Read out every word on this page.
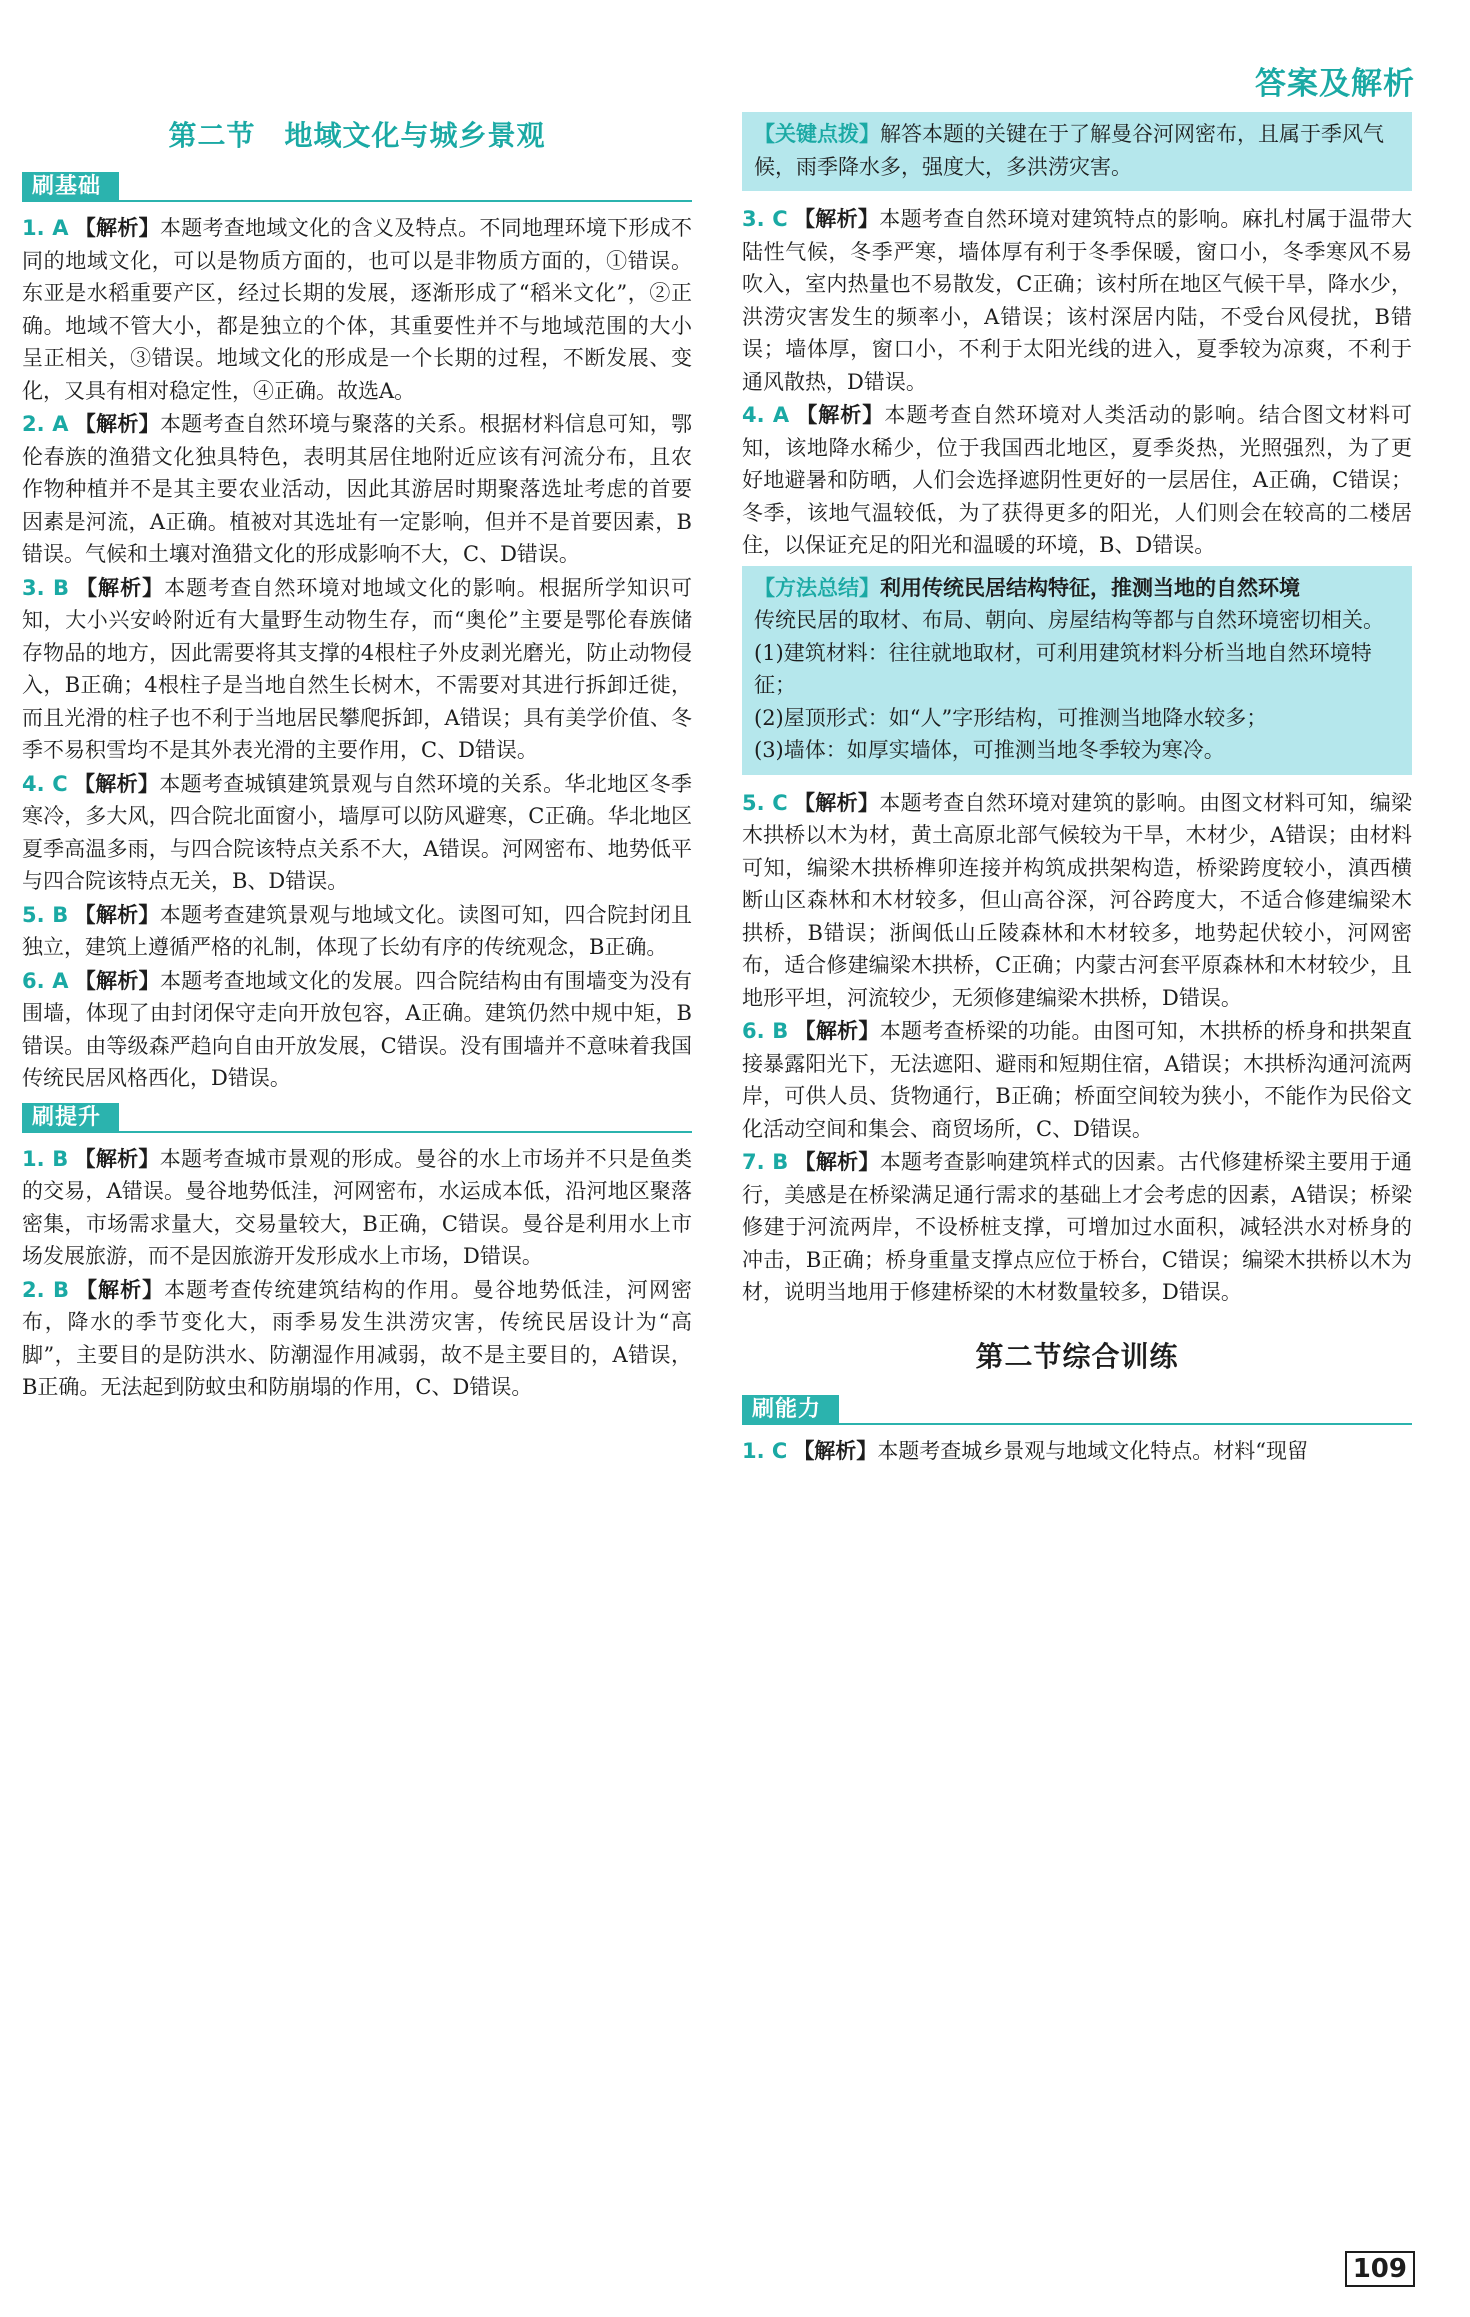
答案及解析
第二节　地域文化与城乡景观
刷基础

1. A 【解析】本题考查地域文化的含义及特点。不同地理环境下形成不同的地域文化，可以是物质方面的，也可以是非物质方面的，①错误。东亚是水稻重要产区，经过长期的发展，逐渐形成了“稻米文化”，②正确。地域不管大小，都是独立的个体，其重要性并不与地域范围的大小呈正相关，③错误。地域文化的形成是一个长期的过程，不断发展、变化，又具有相对稳定性，④正确。故选A。

2. A 【解析】本题考查自然环境与聚落的关系。根据材料信息可知，鄂伦春族的渔猎文化独具特色，表明其居住地附近应该有河流分布，且农作物种植并不是其主要农业活动，因此其游居时期聚落选址考虑的首要因素是河流，A正确。植被对其选址有一定影响，但并不是首要因素，B错误。气候和土壤对渔猎文化的形成影响不大，C、D错误。

3. B 【解析】本题考查自然环境对地域文化的影响。根据所学知识可知，大小兴安岭附近有大量野生动物生存，而“奥伦”主要是鄂伦春族储存物品的地方，因此需要将其支撑的4根柱子外皮剥光磨光，防止动物侵入，B正确；4根柱子是当地自然生长树木，不需要对其进行拆卸迁徙，而且光滑的柱子也不利于当地居民攀爬拆卸，A错误；具有美学价值、冬季不易积雪均不是其外表光滑的主要作用，C、D错误。

4. C 【解析】本题考查城镇建筑景观与自然环境的关系。华北地区冬季寒冷，多大风，四合院北面窗小，墙厚可以防风避寒，C正确。华北地区夏季高温多雨，与四合院该特点关系不大，A错误。河网密布、地势低平与四合院该特点无关，B、D错误。

5. B 【解析】本题考查建筑景观与地域文化。读图可知，四合院封闭且独立，建筑上遵循严格的礼制，体现了长幼有序的传统观念，B正确。

6. A 【解析】本题考查地域文化的发展。四合院结构由有围墙变为没有围墙，体现了由封闭保守走向开放包容，A正确。建筑仍然中规中矩，B错误。由等级森严趋向自由开放发展，C错误。没有围墙并不意味着我国传统民居风格西化，D错误。

刷提升

1. B 【解析】本题考查城市景观的形成。曼谷的水上市场并不只是鱼类的交易，A错误。曼谷地势低洼，河网密布，水运成本低，沿河地区聚落密集，市场需求量大，交易量较大，B正确，C错误。曼谷是利用水上市场发展旅游，而不是因旅游开发形成水上市场，D错误。

2. B 【解析】本题考查传统建筑结构的作用。曼谷地势低洼，河网密布，降水的季节变化大，雨季易发生洪涝灾害，传统民居设计为“高脚”，主要目的是防洪水、防潮湿作用减弱，故不是主要目的，A错误，B正确。无法起到防蚊虫和防崩塌的作用，C、D错误。

【关键点拨】解答本题的关键在于了解曼谷河网密布，且属于季风气候，雨季降水多，强度大，多洪涝灾害。

3. C 【解析】本题考查自然环境对建筑特点的影响。麻扎村属于温带大陆性气候，冬季严寒，墙体厚有利于冬季保暖，窗口小，冬季寒风不易吹入，室内热量也不易散发，C正确；该村所在地区气候干旱，降水少，洪涝灾害发生的频率小，A错误；该村深居内陆，不受台风侵扰，B错误；墙体厚，窗口小，不利于太阳光线的进入，夏季较为凉爽，不利于通风散热，D错误。

4. A 【解析】本题考查自然环境对人类活动的影响。结合图文材料可知，该地降水稀少，位于我国西北地区，夏季炎热，光照强烈，为了更好地避暑和防晒，人们会选择遮阴性更好的一层居住，A正确，C错误；冬季，该地气温较低，为了获得更多的阳光，人们则会在较高的二楼居住，以保证充足的阳光和温暖的环境，B、D错误。

【方法总结】利用传统民居结构特征，推测当地的自然环境
传统民居的取材、布局、朝向、房屋结构等都与自然环境密切相关。
(1)建筑材料：往往就地取材，可利用建筑材料分析当地自然环境特征；
(2)屋顶形式：如“人”字形结构，可推测当地降水较多；
(3)墙体：如厚实墙体，可推测当地冬季较为寒冷。

5. C 【解析】本题考查自然环境对建筑的影响。由图文材料可知，编梁木拱桥以木为材，黄土高原北部气候较为干旱，木材少，A错误；由材料可知，编梁木拱桥榫卯连接并构筑成拱架构造，桥梁跨度较小，滇西横断山区森林和木材较多，但山高谷深，河谷跨度大，不适合修建编梁木拱桥，B错误；浙闽低山丘陵森林和木材较多，地势起伏较小，河网密布，适合修建编梁木拱桥，C正确；内蒙古河套平原森林和木材较少，且地形平坦，河流较少，无须修建编梁木拱桥，D错误。

6. B 【解析】本题考查桥梁的功能。由图可知，木拱桥的桥身和拱架直接暴露阳光下，无法遮阳、避雨和短期住宿，A错误；木拱桥沟通河流两岸，可供人员、货物通行，B正确；桥面空间较为狭小，不能作为民俗文化活动空间和集会、商贸场所，C、D错误。

7. B 【解析】本题考查影响建筑样式的因素。古代修建桥梁主要用于通行，美感是在桥梁满足通行需求的基础上才会考虑的因素，A错误；桥梁修建于河流两岸，不设桥桩支撑，可增加过水面积，减轻洪水对桥身的冲击，B正确；桥身重量支撑点应位于桥台，C错误；编梁木拱桥以木为材，说明当地用于修建桥梁的木材数量较多，D错误。

第二节综合训练
刷能力

1. C 【解析】本题考查城乡景观与地域文化特点。材料“现留

109
